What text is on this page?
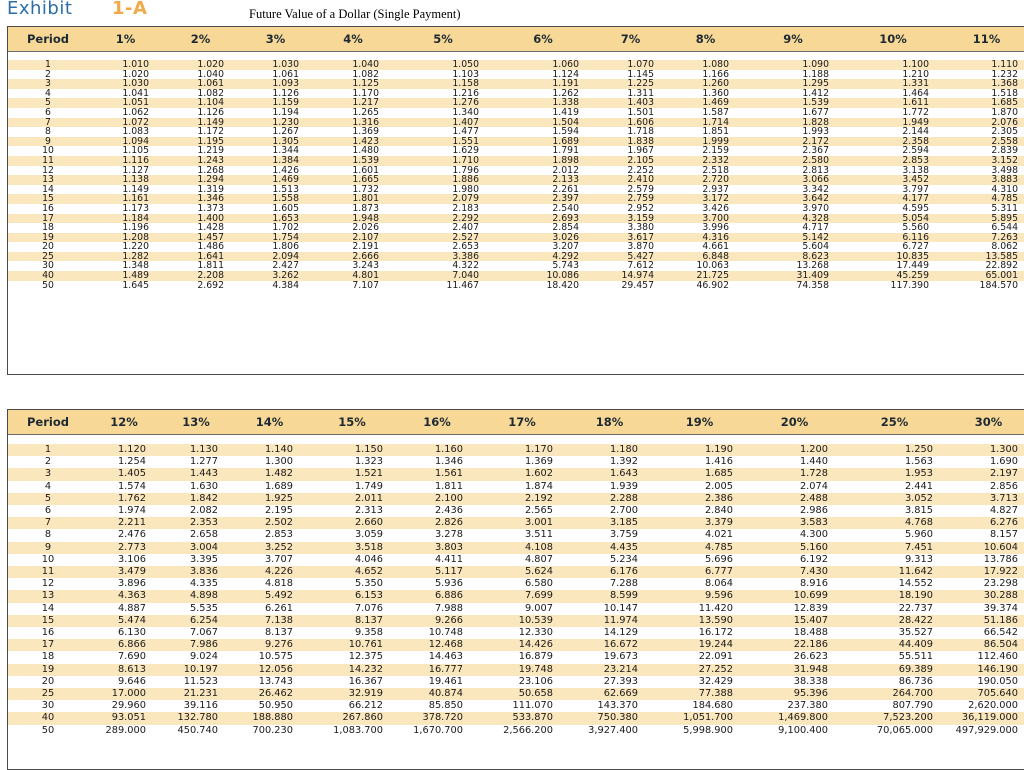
Exhibit 1-A	Future Value of a Dollar (Single Payment)
Period	1%	2%	3%	4%	5%	6%	7%	8%	9%	10%	11%

1	1.010	1.020	1.030	1.040	1.050	1.060	1.070	1.080	1.090	1.100	1.110
2	1.020	1.040	1.061	1.082	1.103	1.124	1.145	1.166	1.188	1.210	1.232
3	1.030	1.061	1.093	1.125	1.158	1.191	1.225	1.260	1.295	1.331	1.368
4	1.041	1.082	1.126	1.170	1.216	1.262	1.311	1.360	1.412	1.464	1.518
5	1.051	1.104	1.159	1.217	1.276	1.338	1.403	1.469	1.539	1.611	1.685
6	1.062	1.126	1.194	1.265	1.340	1.419	1.501	1.587	1.677	1.772	1.870
7	1.072	1.149	1.230	1.316	1.407	1.504	1.606	1.714	1.828	1.949	2.076
8	1.083	1.172	1.267	1.369	1.477	1.594	1.718	1.851	1.993	2.144	2.305
9	1.094	1.195	1.305	1.423	1.551	1.689	1.838	1.999	2.172	2.358	2.558
10	1.105	1.219	1.344	1.480	1.629	1.791	1.967	2.159	2.367	2.594	2.839
11	1.116	1.243	1.384	1.539	1.710	1.898	2.105	2.332	2.580	2.853	3.152
12	1.127	1.268	1.426	1.601	1.796	2.012	2.252	2.518	2.813	3.138	3.498
13	1.138	1.294	1.469	1.665	1.886	2.133	2.410	2.720	3.066	3.452	3.883
14	1.149	1.319	1.513	1.732	1.980	2.261	2.579	2.937	3.342	3.797	4.310
15	1.161	1.346	1.558	1.801	2.079	2.397	2.759	3.172	3.642	4.177	4.785
16	1.173	1.373	1.605	1.873	2.183	2.540	2.952	3.426	3.970	4.595	5.311
17	1.184	1.400	1.653	1.948	2.292	2.693	3.159	3.700	4.328	5.054	5.895
18	1.196	1.428	1.702	2.026	2.407	2.854	3.380	3.996	4.717	5.560	6.544
19	1.208	1.457	1.754	2.107	2.527	3.026	3.617	4.316	5.142	6.116	7.263
20	1.220	1.486	1.806	2.191	2.653	3.207	3.870	4.661	5.604	6.727	8.062
25	1.282	1.641	2.094	2.666	3.386	4.292	5.427	6.848	8.623	10.835	13.585
30	1.348	1.811	2.427	3.243	4.322	5.743	7.612	10.063	13.268	17.449	22.892
40	1.489	2.208	3.262	4.801	7.040	10.086	14.974	21.725	31.409	45.259	65.001
50	1.645	2.692	4.384	7.107	11.467	18.420	29.457	46.902	74.358	117.390	184.570
Period	12%	13%	14%	15%	16%	17%	18%	19%	20%	25%	30%

1	1.120	1.130	1.140	1.150	1.160	1.170	1.180	1.190	1.200	1.250	1.300
2	1.254	1.277	1.300	1.323	1.346	1.369	1.392	1.416	1.440	1.563	1.690
3	1.405	1.443	1.482	1.521	1.561	1.602	1.643	1.685	1.728	1.953	2.197
4	1.574	1.630	1.689	1.749	1.811	1.874	1.939	2.005	2.074	2.441	2.856
5	1.762	1.842	1.925	2.011	2.100	2.192	2.288	2.386	2.488	3.052	3.713
6	1.974	2.082	2.195	2.313	2.436	2.565	2.700	2.840	2.986	3.815	4.827
7	2.211	2.353	2.502	2.660	2.826	3.001	3.185	3.379	3.583	4.768	6.276
8	2.476	2.658	2.853	3.059	3.278	3.511	3.759	4.021	4.300	5.960	8.157
9	2.773	3.004	3.252	3.518	3.803	4.108	4.435	4.785	5.160	7.451	10.604
10	3.106	3.395	3.707	4.046	4.411	4.807	5.234	5.696	6.192	9.313	13.786
11	3.479	3.836	4.226	4.652	5.117	5.624	6.176	6.777	7.430	11.642	17.922
12	3.896	4.335	4.818	5.350	5.936	6.580	7.288	8.064	8.916	14.552	23.298
13	4.363	4.898	5.492	6.153	6.886	7.699	8.599	9.596	10.699	18.190	30.288
14	4.887	5.535	6.261	7.076	7.988	9.007	10.147	11.420	12.839	22.737	39.374
15	5.474	6.254	7.138	8.137	9.266	10.539	11.974	13.590	15.407	28.422	51.186
16	6.130	7.067	8.137	9.358	10.748	12.330	14.129	16.172	18.488	35.527	66.542
17	6.866	7.986	9.276	10.761	12.468	14.426	16.672	19.244	22.186	44.409	86.504
18	7.690	9.024	10.575	12.375	14.463	16.879	19.673	22.091	26.623	55.511	112.460
19	8.613	10.197	12.056	14.232	16.777	19.748	23.214	27.252	31.948	69.389	146.190
20	9.646	11.523	13.743	16.367	19.461	23.106	27.393	32.429	38.338	86.736	190.050
25	17.000	21.231	26.462	32.919	40.874	50.658	62.669	77.388	95.396	264.700	705.640
30	29.960	39.116	50.950	66.212	85.850	111.070	143.370	184.680	237.380	807.790	2,620.000
40	93.051	132.780	188.880	267.860	378.720	533.870	750.380	1,051.700	1,469.800	7,523.200	36,119.000
50	289.000	450.740	700.230	1,083.700	1,670.700	2,566.200	3,927.400	5,998.900	9,100.400	70,065.000	497,929.000
